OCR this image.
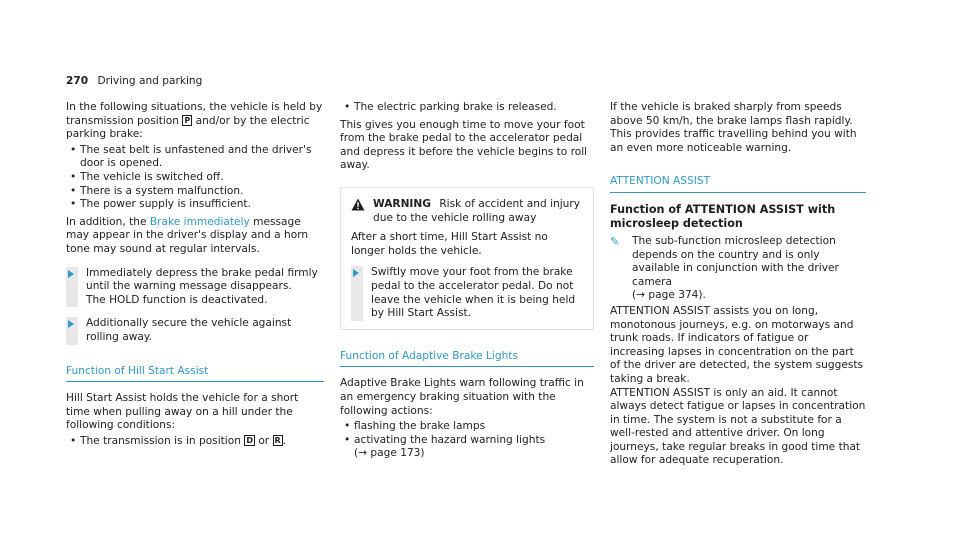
270 Driving and parking

In the following situations, the vehicle is held by
transmission position P and/or by the electric
parking brake:

• The seat belt is unfastened and the driver's door is opened.
• The vehicle is switched off.
• There is a system malfunction.
• The power supply is insufficient.

In addition, the Brake immediately message may appear in the driver's display and a horn tone may sound at regular intervals.

Immediately depress the brake pedal firmly until the warning message disappears.

The HOLD function is deactivated.

Additionally secure the vehicle against rolling away.

Function of Hill Start Assist

Hill Start Assist holds the vehicle for a short time when pulling away on a hill under the following conditions:

• The transmission is in position D or R .
• The electric parking brake is released.

This gives you enough time to move your foot from the brake pedal to the accelerator pedal and depress it before the vehicle begins to roll away.

WARNING Risk of accident and injury due to the vehicle rolling away

After a short time, Hill Start Assist no longer holds the vehicle.

Swiftly move your foot from the brake pedal to the accelerator pedal. Do not leave the vehicle when it is being held by Hill Start Assist.

Function of Adaptive Brake Lights

Adaptive Brake Lights warn following traffic in an emergency braking situation with the following actions:

• flashing the brake lamps
• activating the hazard warning lights
(→ page 173)

If the vehicle is braked sharply from speeds above 50 km/h, the brake lamps flash rapidly. This provides traffic travelling behind you with an even more noticeable warning.

ATTENTION ASSIST
Function of ATTENTION ASSIST with microsleep detection
✎	The sub-function microsleep detection depends on the country and is only available in conjunction with the driver camera

(→ page 374).

ATTENTION ASSIST assists you on long, monotonous journeys, e.g. on motorways and trunk roads. If indicators of fatigue or increasing lapses in concentration on the part of the driver are detected, the system suggests taking a break.

ATTENTION ASSIST is only an aid. It cannot always detect fatigue or lapses in concentration in time. The system is not a substitute for a well-rested and attentive driver. On long journeys, take regular breaks in good time that allow for adequate recuperation.
